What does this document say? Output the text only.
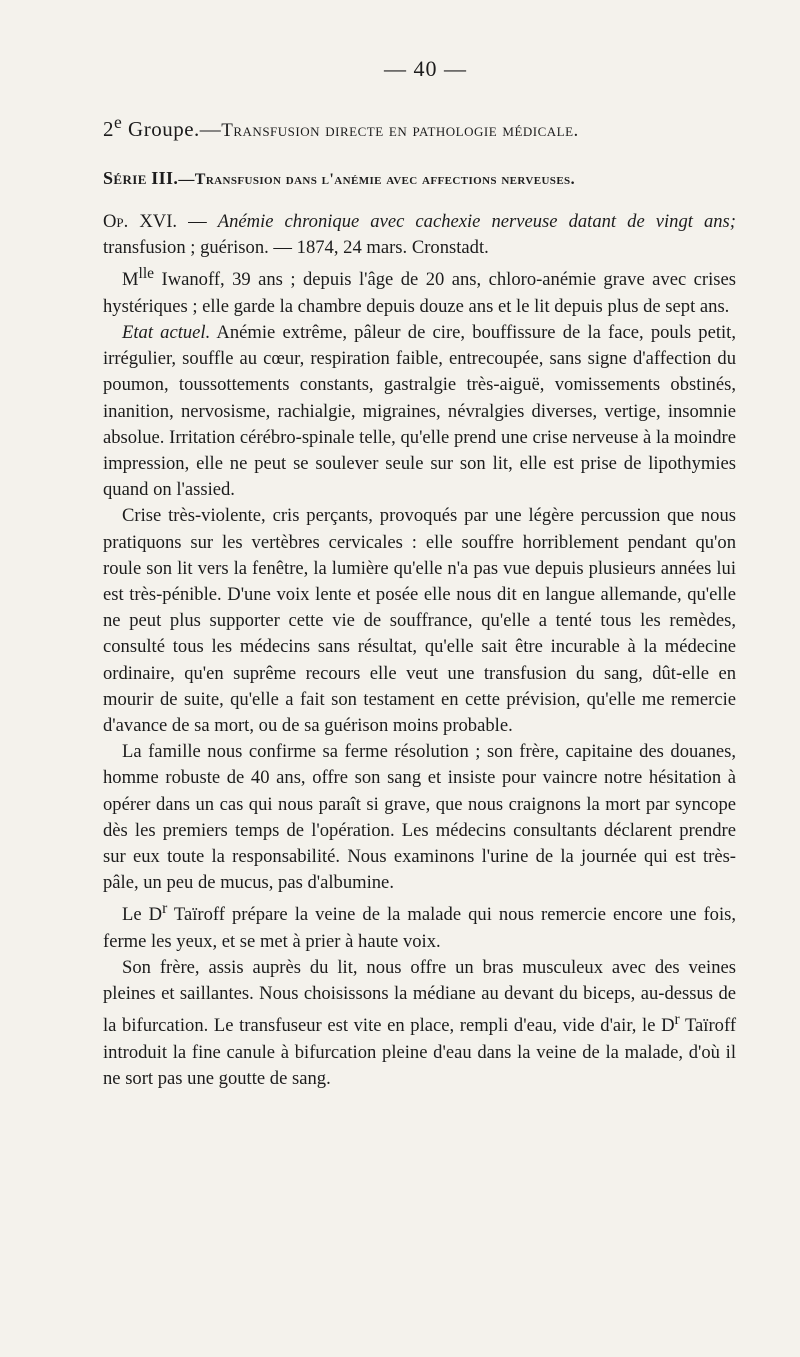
— 40 —
2e Groupe.—Transfusion directe en pathologie médicale.
Série III.—Transfusion dans l'anémie avec affections nerveuses.

Op. XVI. — Anémie chronique avec cachexie nerveuse datant de vingt ans; transfusion ; guérison. — 1874, 24 mars. Cronstadt.

$M^{lle}$ Iwanoff, 39 ans ; depuis l'âge de 20 ans, chloro-anémie grave avec crises hystériques ; elle garde la chambre depuis douze ans et le lit depuis plus de sept ans.

Etat actuel. Anémie extrême, pâleur de cire, bouffissure de la face, pouls petit, irrégulier, souffle au cœur, respiration faible, entrecoupée, sans signe d'affection du poumon, toussottements constants, gastralgie très-aiguë, vomissements obstinés, inanition, nervosisme, rachialgie, migraines, névralgies diverses, vertige, insomnie absolue. Irritation cérébro-spinale telle, qu'elle prend une crise nerveuse à la moindre impression, elle ne peut se soulever seule sur son lit, elle est prise de lipothymies quand on l'assied.

Crise très-violente, cris perçants, provoqués par une légère percussion que nous pratiquons sur les vertèbres cervicales : elle souffre horriblement pendant qu'on roule son lit vers la fenêtre, la lumière qu'elle n'a pas vue depuis plusieurs années lui est très-pénible. D'une voix lente et posée elle nous dit en langue allemande, qu'elle ne peut plus supporter cette vie de souffrance, qu'elle a tenté tous les remèdes, consulté tous les médecins sans résultat, qu'elle sait être incurable à la médecine ordinaire, qu'en suprême recours elle veut une transfusion du sang, dût-elle en mourir de suite, qu'elle a fait son testament en cette prévision, qu'elle me remercie d'avance de sa mort, ou de sa guérison moins probable.

La famille nous confirme sa ferme résolution ; son frère, capitaine des douanes, homme robuste de 40 ans, offre son sang et insiste pour vaincre notre hésitation à opérer dans un cas qui nous paraît si grave, que nous craignons la mort par syncope dès les premiers temps de l'opération. Les médecins consultants déclarent prendre sur eux toute la responsabilité. Nous examinons l'urine de la journée qui est très-pâle, un peu de mucus, pas d'albumine.

Le $D^r$ Taïroff prépare la veine de la malade qui nous remercie encore une fois, ferme les yeux, et se met à prier à haute voix.

Son frère, assis auprès du lit, nous offre un bras musculeux avec des veines pleines et saillantes. Nous choisissons la médiane au devant du biceps, au-dessus de la bifurcation. Le transfuseur est vite en place, rempli d'eau, vide d'air, le $D^r$ Taïroff introduit la fine canule à bifurcation pleine d'eau dans la veine de la malade, d'où il ne sort pas une goutte de sang.
